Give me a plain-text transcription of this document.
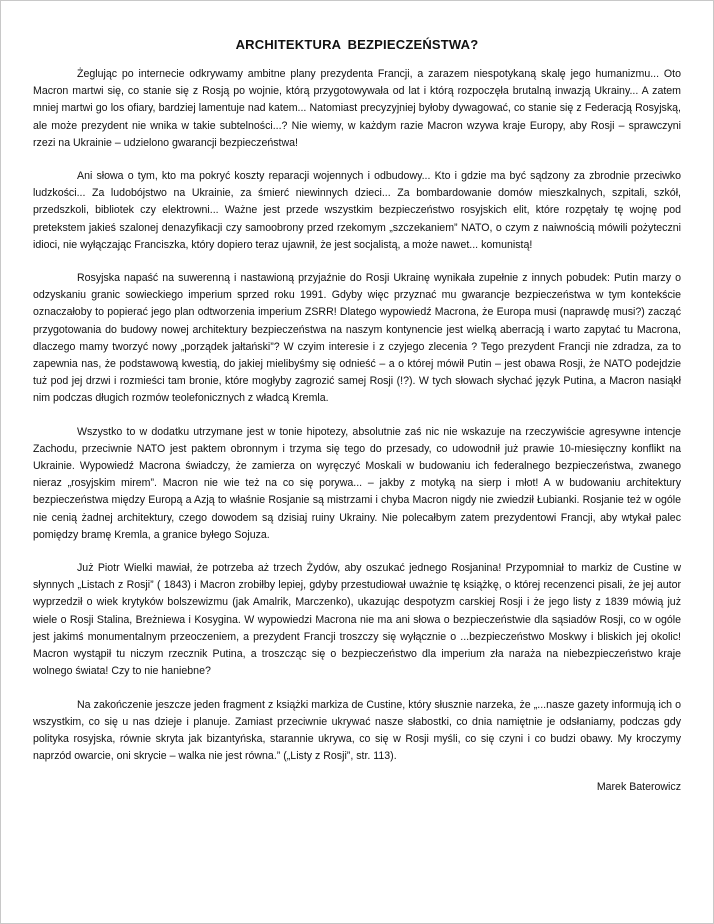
ARCHITEKTURA BEZPIECZEŃSTWA?

Żeglując po internecie odkrywamy ambitne plany prezydenta Francji, a zarazem niespotykaną skalę jego humanizmu... Oto Macron martwi się, co stanie się z Rosją po wojnie, którą przygotowywała od lat i którą rozpoczęła brutalną inwazją Ukrainy... A zatem mniej martwi go los ofiary, bardziej lamentuje nad katem... Natomiast precyzyjniej byłoby dywagować, co stanie się z Federacją Rosyjską, ale może prezydent nie wnika w takie subtelności...? Nie wiemy, w każdym razie Macron wzywa kraje Europy, aby Rosji – sprawczyni rzezi na Ukrainie – udzielono gwarancji bezpieczeństwa!

Ani słowa o tym, kto ma pokryć koszty reparacji wojennych i odbudowy... Kto i gdzie ma być sądzony za zbrodnie przeciwko ludzkości... Za ludobójstwo na Ukrainie, za śmierć niewinnych dzieci... Za bombardowanie domów mieszkalnych, szpitali, szkół, przedszkoli, bibliotek czy elektrowni... Ważne jest przede wszystkim bezpieczeństwo rosyjskich elit, które rozpętały tę wojnę pod pretekstem jakieś szalonej denazyfikacji czy samoobrony przed rzekomym „szczekaniem” NATO, o czym z naiwnością mówili pożyteczni idioci, nie wyłączając Franciszka, który dopiero teraz ujawnił, że jest socjalistą, a może nawet... komunistą!

Rosyjska napaść na suwerenną i nastawioną przyjaźnie do Rosji Ukrainę wynikała zupełnie z innych pobudek: Putin marzy o odzyskaniu granic sowieckiego imperium sprzed roku 1991. Gdyby więc przyznać mu gwarancje bezpieczeństwa w tym kontekście oznaczałoby to popierać jego plan odtworzenia imperium ZSRR! Dlatego wypowiedź Macrona, że Europa musi (naprawdę musi?) zacząć przygotowania do budowy nowej architektury bezpieczeństwa na naszym kontynencie jest wielką aberracją i warto zapytać tu Macrona, dlaczego mamy tworzyć nowy „porządek jałtański”? W czyim interesie i z czyjego zlecenia ? Tego prezydent Francji nie zdradza, za to zapewnia nas, że podstawową kwestią, do jakiej mielibyśmy się odnieść – a o której mówił Putin – jest obawa Rosji, że NATO podejdzie tuż pod jej drzwi i rozmieści tam bronie, które mogłyby zagrozić samej Rosji (!?). W tych słowach słychać język Putina, a Macron nasiąkł nim podczas długich rozmów teolefonicznych z władcą Kremla.

Wszystko to w dodatku utrzymane jest w tonie hipotezy, absolutnie zaś nic nie wskazuje na rzeczywiście agresywne intencje Zachodu, przeciwnie NATO jest paktem obronnym i trzyma się tego do przesady, co udowodnił już prawie 10-miesięczny konflikt na Ukrainie. Wypowiedź Macrona świadczy, że zamierza on wyręczyć Moskali w budowaniu ich federalnego bezpieczeństwa, zwanego nieraz „rosyjskim mirem”. Macron nie wie też na co się porywa... – jakby z motyką na sierp i młot! A w budowaniu architektury bezpieczeństwa między Europą a Azją to właśnie Rosjanie są mistrzami i chyba Macron nigdy nie zwiedził Łubianki. Rosjanie też w ogóle nie cenią żadnej architektury, czego dowodem są dzisiaj ruiny Ukrainy. Nie polecałbym zatem prezydentowi Francji, aby wtykał palec pomiędzy bramę Kremla, a granice byłego Sojuza.

Już Piotr Wielki mawiał, że potrzeba aż trzech Żydów, aby oszukać jednego Rosjanina! Przypomniał to markiz de Custine w słynnych „Listach z Rosji” ( 1843) i Macron zrobiłby lepiej, gdyby przestudiował uważnie tę książkę, o której recenzenci pisali, że jej autor wyprzedził o wiek krytyków bolszewizmu (jak Amalrik, Marczenko), ukazując despotyzm carskiej Rosji i że jego listy z 1839 mówią już wiele o Rosji Stalina, Breżniewa i Kosygina. W wypowiedzi Macrona nie ma ani słowa o bezpieczeństwie dla sąsiadów Rosji, co w ogóle jest jakimś monumentalnym przeoczeniem, a prezydent Francji troszczy się wyłącznie o ...bezpieczeństwo Moskwy i bliskich jej okolic! Macron wystąpił tu niczym rzecznik Putina, a troszcząc się o bezpieczeństwo dla imperium zła naraża na niebezpieczeństwo kraje wolnego świata! Czy to nie haniebne?

Na zakończenie jeszcze jeden fragment z książki markiza de Custine, który słusznie narzeka, że „...nasze gazety informują ich o wszystkim, co się u nas dzieje i planuje. Zamiast przeciwnie ukrywać nasze słabostki, co dnia namiętnie je odsłaniamy, podczas gdy polityka rosyjska, równie skryta jak bizantyńska, starannie ukrywa, co się w Rosji myśli, co się czyni i co budzi obawy. My kroczymy naprzód owarcie, oni skrycie – walka nie jest równa.” („Listy z Rosji”, str. 113).

Marek Baterowicz
